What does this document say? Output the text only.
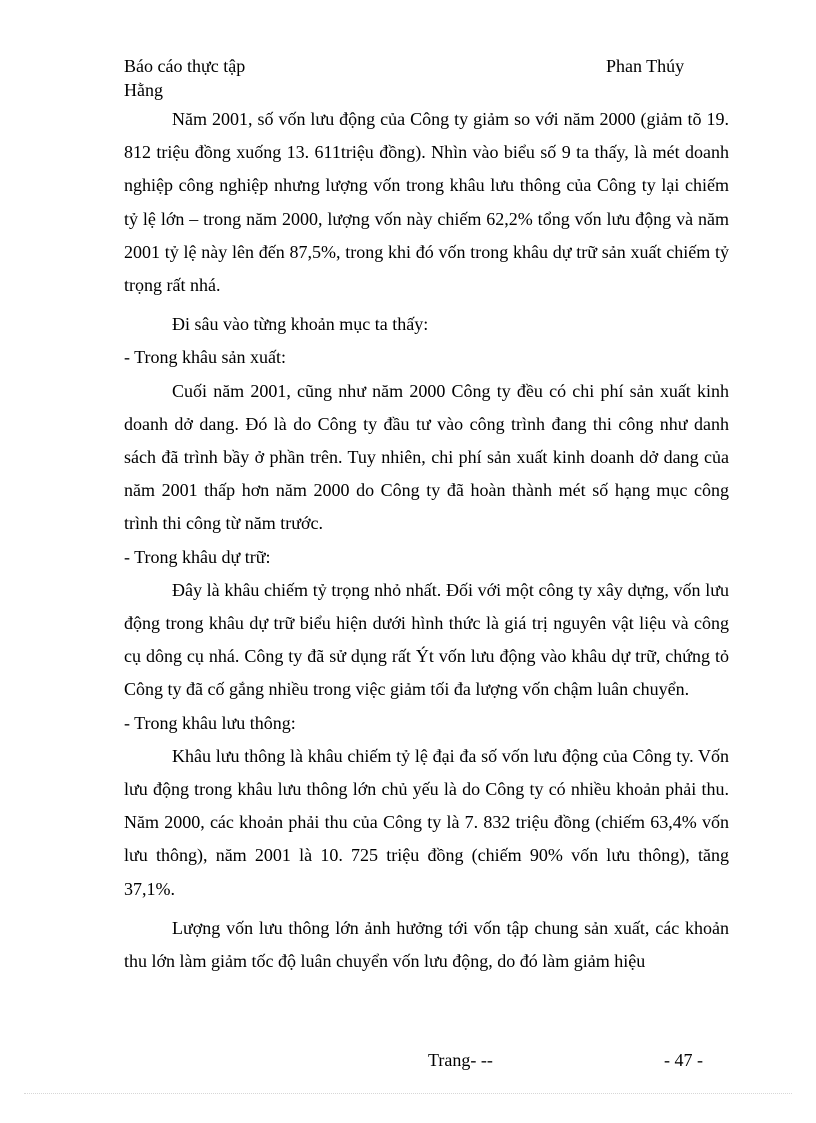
Báo cáo thực tập Hằng
Phan Thúy

Năm 2001, số vốn lưu động của Công ty giảm so với năm 2000 (giảm tõ 19. 812 triệu đồng xuống 13. 611triệu đồng). Nhìn vào biểu số 9 ta thấy, là mét doanh nghiệp công nghiệp nhưng lượng vốn trong khâu lưu thông của Công ty lại chiếm tỷ lệ lớn – trong năm 2000, lượng vốn này chiếm 62,2% tổng vốn lưu động và năm 2001 tỷ lệ này lên đến 87,5%, trong khi đó vốn trong khâu dự trữ sản xuất chiếm tỷ trọng rất nhá.

Đi sâu vào từng khoản mục ta thấy:

- Trong khâu sản xuất:

Cuối năm 2001, cũng như năm 2000 Công ty đều có chi phí sản xuất kinh doanh dở dang. Đó là do Công ty đầu tư vào công trình đang thi công như danh sách đã trình bầy ở phần trên. Tuy nhiên, chi phí sản xuất kinh doanh dở dang của năm 2001 thấp hơn năm 2000 do Công ty đã hoàn thành mét số hạng mục công trình thi công từ năm trước.

- Trong khâu dự trữ:

Đây là khâu chiếm tỷ trọng nhỏ nhất. Đối với một công ty xây dựng, vốn lưu động trong khâu dự trữ biểu hiện dưới hình thức là giá trị nguyên vật liệu và công cụ dông cụ nhá. Công ty đã sử dụng rất Ýt vốn lưu động vào khâu dự trữ, chứng tỏ Công ty đã cố gắng nhiều trong việc giảm tối đa lượng vốn chậm luân chuyển.

- Trong khâu lưu thông:

Khâu lưu thông là khâu chiếm tỷ lệ đại đa số vốn lưu động của Công ty. Vốn lưu động trong khâu lưu thông lớn chủ yếu là do Công ty có nhiều khoản phải thu. Năm 2000, các khoản phải thu của Công ty là 7. 832 triệu đồng (chiếm 63,4% vốn lưu thông), năm 2001 là 10. 725 triệu đồng (chiếm 90% vốn lưu thông), tăng 37,1%.

Lượng vốn lưu thông lớn ảnh hưởng tới vốn tập chung sản xuất, các khoản thu lớn làm giảm tốc độ luân chuyển vốn lưu động, do đó làm giảm hiệu

Trang- --	- 47 -
